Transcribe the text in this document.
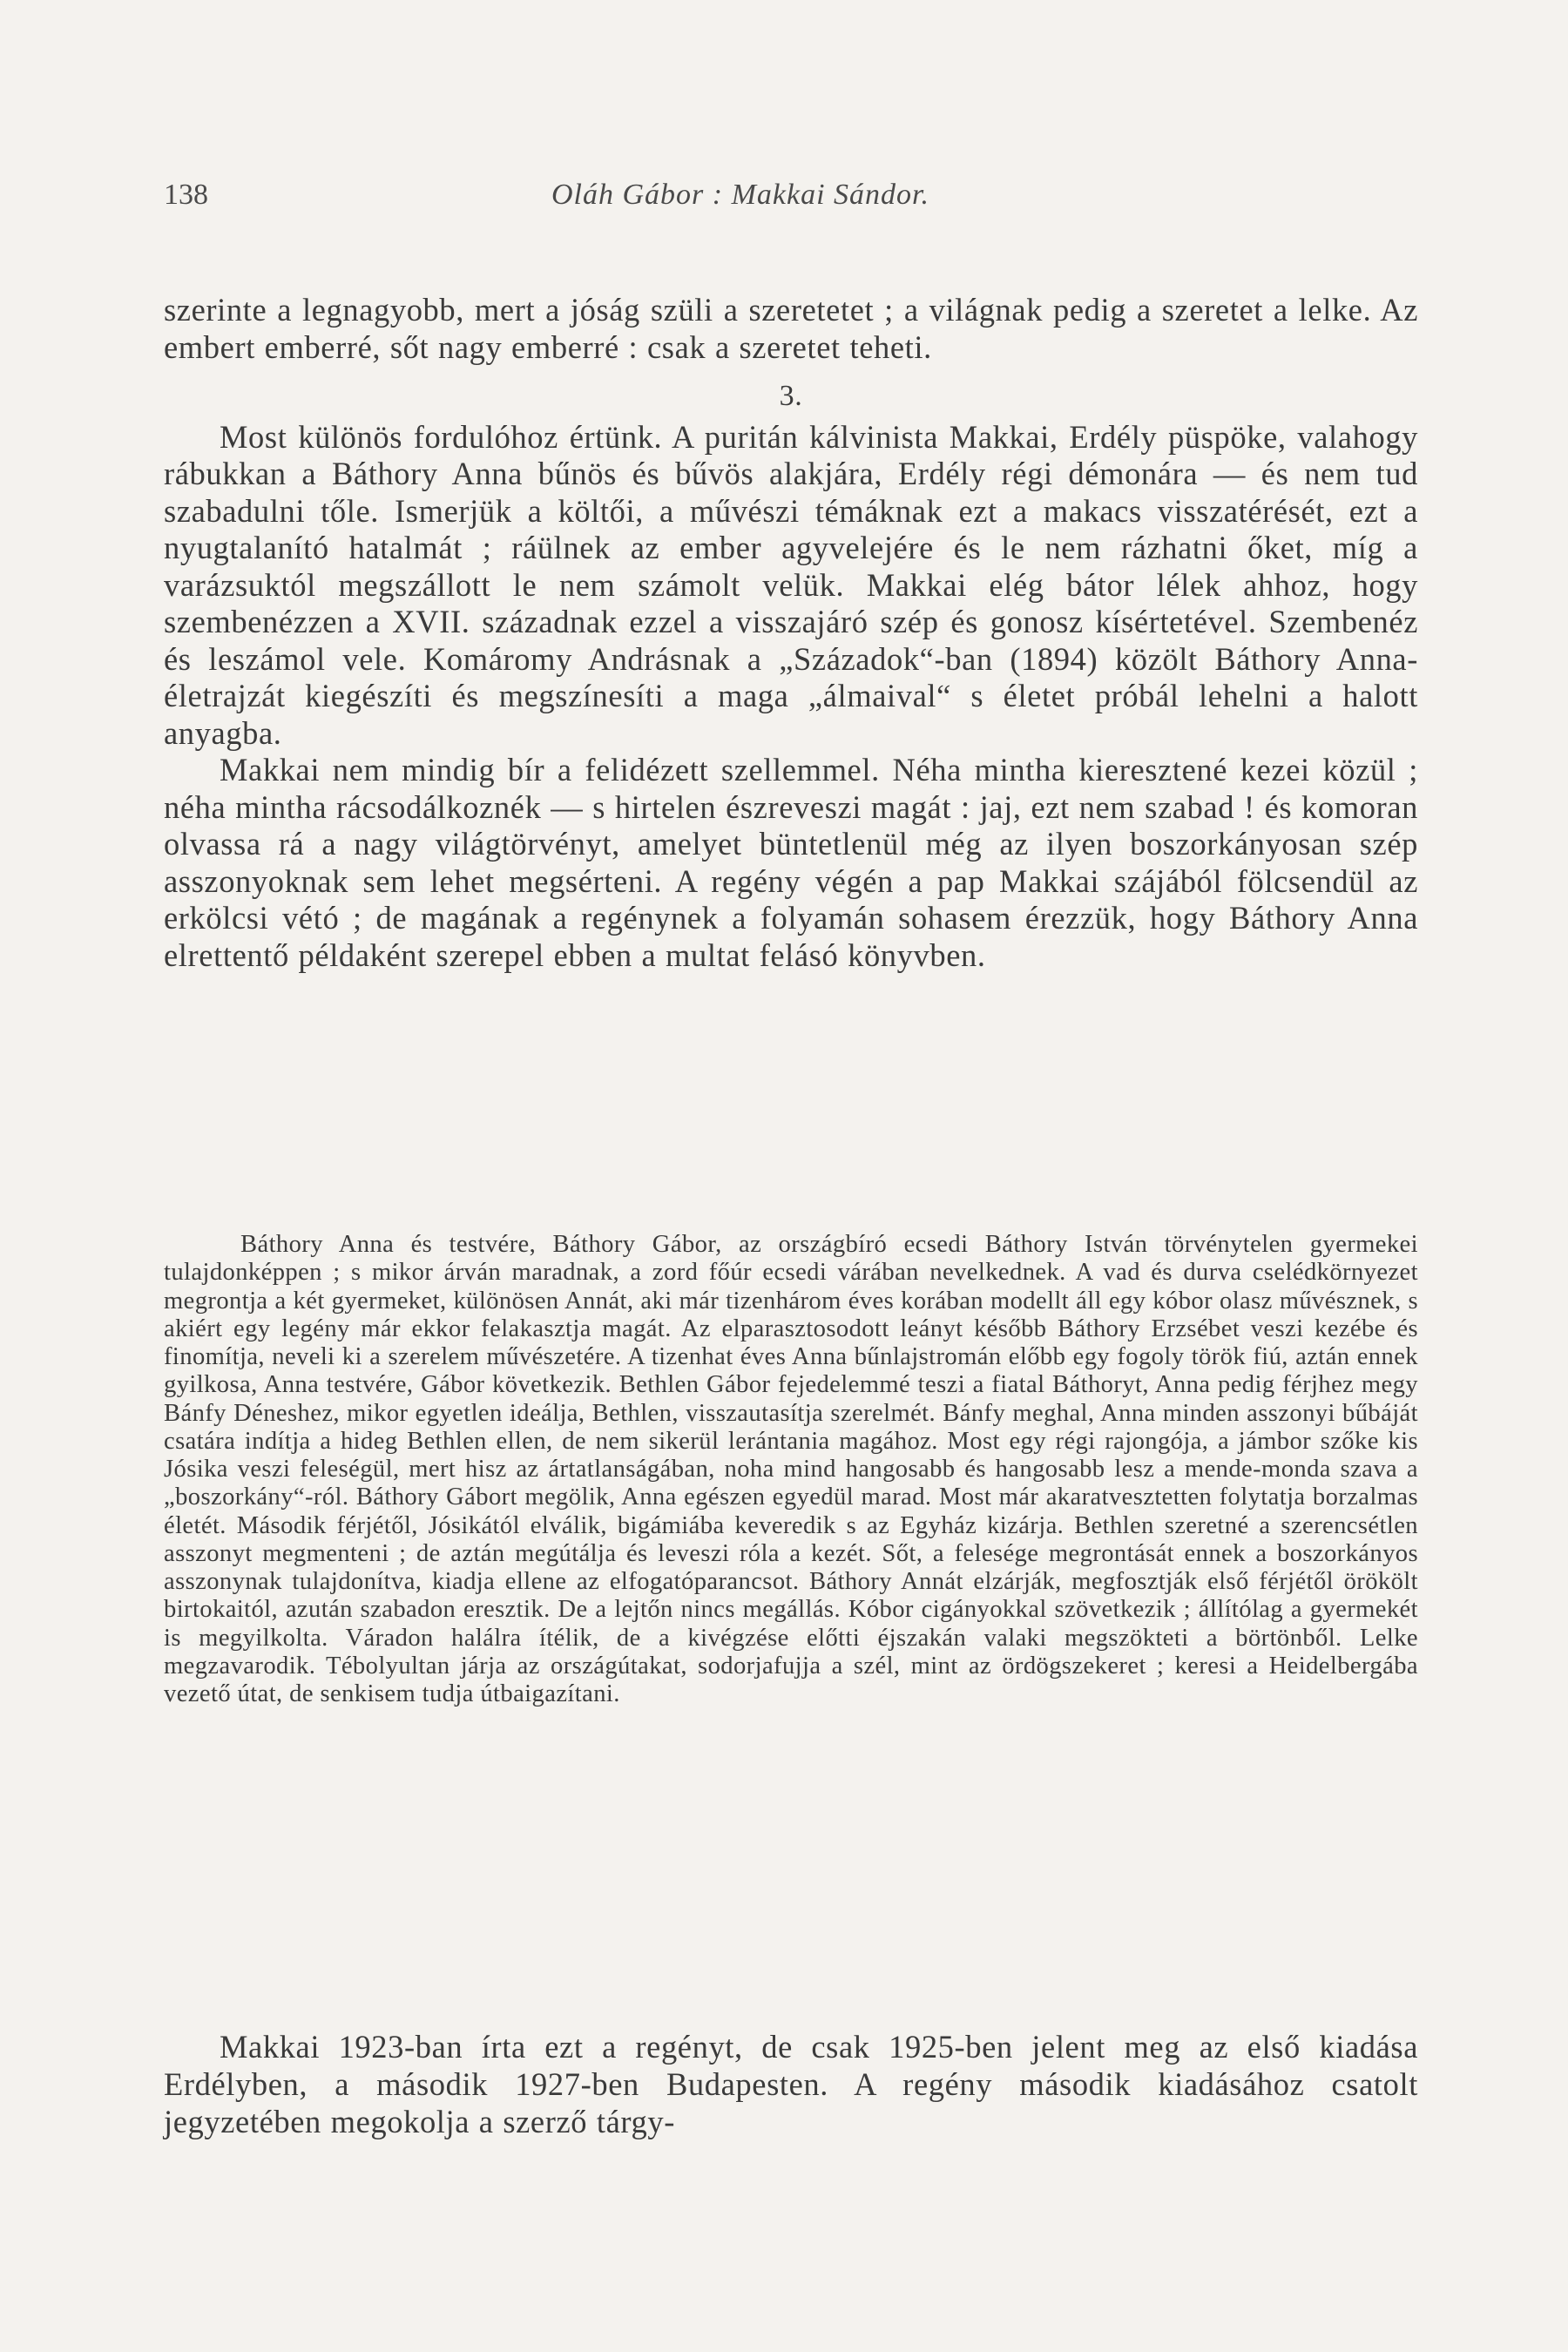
138	Oláh Gábor : Makkai Sándor.

szerinte a legnagyobb, mert a jóság szüli a szeretetet ; a világnak pedig a szeretet a lelke. Az embert emberré, sőt nagy emberré : csak a szeretet teheti.

3.

Most különös fordulóhoz értünk. A puritán kálvinista Makkai, Erdély püspöke, valahogy rábukkan a Báthory Anna bűnös és bűvös alakjára, Erdély régi démonára — és nem tud szabadulni tőle. Ismerjük a költői, a művészi témáknak ezt a makacs visszatérését, ezt a nyugtalanító hatalmát ; ráülnek az ember agyvelejére és le nem rázhatni őket, míg a varázsuktól megszállott le nem számolt velük. Makkai elég bátor lélek ahhoz, hogy szembenézzen a XVII. századnak ezzel a visszajáró szép és gonosz kísértetével. Szembenéz és leszámol vele. Komáromy Andrásnak a „Századok“-ban (1894) közölt Báthory Anna-életrajzát kiegészíti és megszínesíti a maga „álmaival“ s életet próbál lehelni a halott anyagba.

Makkai nem mindig bír a felidézett szellemmel. Néha mintha kieresztené kezei közül ; néha mintha rácsodálkoznék — s hirtelen észreveszi magát : jaj, ezt nem szabad ! és komoran olvassa rá a nagy világtörvényt, amelyet büntetlenül még az ilyen boszorkányosan szép asszonyoknak sem lehet megsérteni. A regény végén a pap Makkai szájából fölcsendül az erkölcsi vétó ; de magának a regénynek a folyamán sohasem érezzük, hogy Báthory Anna elrettentő példaként szerepel ebben a multat felásó könyvben.

Báthory Anna és testvére, Báthory Gábor, az országbíró ecsedi Báthory István törvénytelen gyermekei tulajdonképpen ; s mikor árván maradnak, a zord főúr ecsedi várában nevelkednek. A vad és durva cselédkörnyezet megrontja a két gyermeket, különösen Annát, aki már tizenhárom éves korában modellt áll egy kóbor olasz művésznek, s akiért egy legény már ekkor felakasztja magát. Az elparasztosodott leányt később Báthory Erzsébet veszi kezébe és finomítja, neveli ki a szerelem művészetére. A tizenhat éves Anna bűnlajstromán előbb egy fogoly török fiú, aztán ennek gyilkosa, Anna testvére, Gábor következik. Bethlen Gábor fejedelemmé teszi a fiatal Báthoryt, Anna pedig férjhez megy Bánfy Déneshez, mikor egyetlen ideálja, Bethlen, visszautasítja szerelmét. Bánfy meghal, Anna minden asszonyi bűbáját csatára indítja a hideg Bethlen ellen, de nem sikerül lerántania magához. Most egy régi rajongója, a jámbor szőke kis Jósika veszi feleségül, mert hisz az ártatlanságában, noha mind hangosabb és hangosabb lesz a mende-monda szava a „boszorkány“-ról. Báthory Gábort megölik, Anna egészen egyedül marad. Most már akaratvesztetten folytatja borzalmas életét. Második férjétől, Jósikától elválik, bigámiába keveredik s az Egyház kizárja. Bethlen szeretné a szerencsétlen asszonyt megmenteni ; de aztán megútálja és leveszi róla a kezét. Sőt, a felesége megrontását ennek a boszorkányos asszonynak tulajdonítva, kiadja ellene az elfogatóparancsot. Báthory Annát elzárják, megfosztják első férjétől örökölt birtokaitól, azután szabadon eresztik. De a lejtőn nincs megállás. Kóbor cigányokkal szövetkezik ; állítólag a gyermekét is megyilkolta. Váradon halálra ítélik, de a kivégzése előtti éjszakán valaki megszökteti a börtönből. Lelke megzavarodik. Tébolyultan járja az országútakat, sodorjafujja a szél, mint az ördögszekeret ; keresi a Heidelbergába vezető útat, de senkisem tudja útbaigazítani.
Makkai 1923-ban írta ezt a regényt, de csak 1925-ben jelent meg az első kiadása Erdélyben, a második 1927-ben Budapesten. A regény második kiadásához csatolt jegyzetében megokolja a szerző tárgy-
